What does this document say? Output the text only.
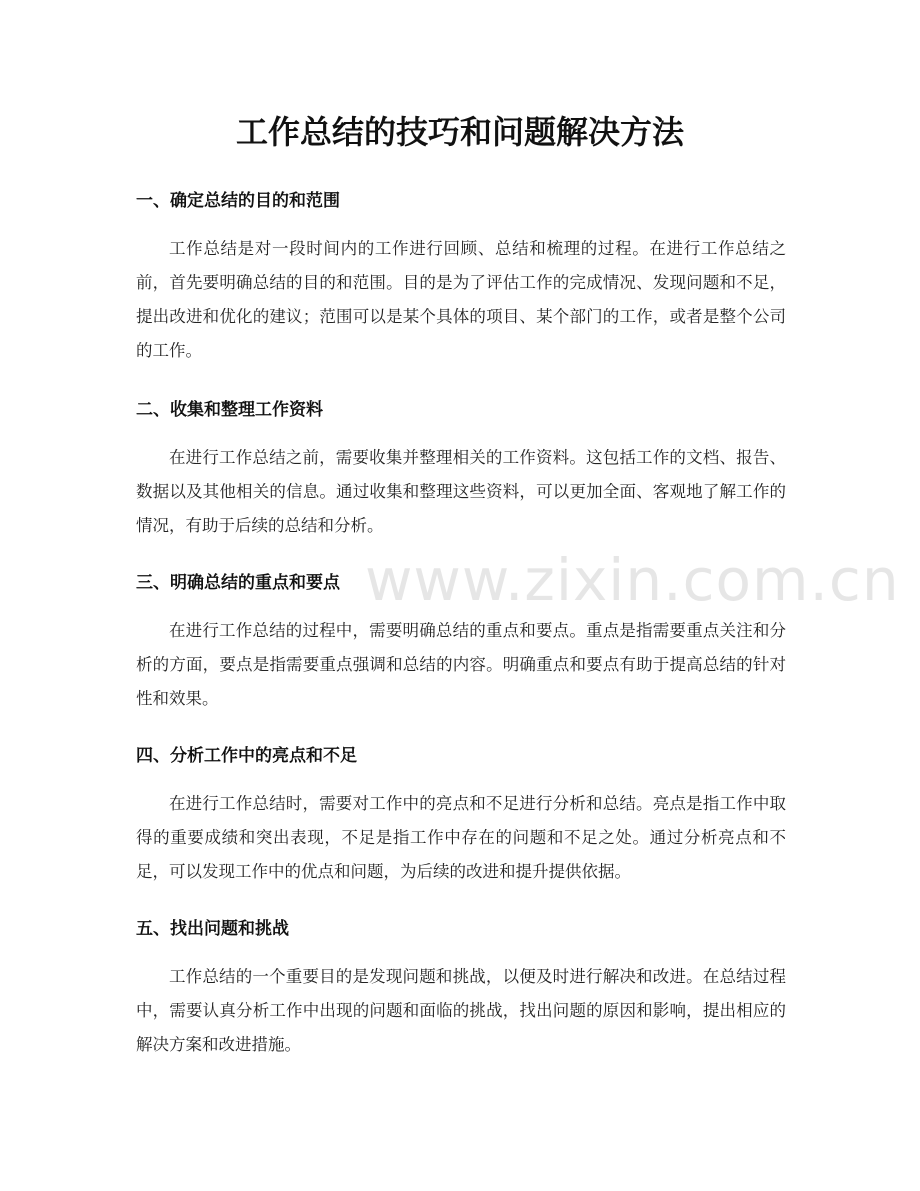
工作总结的技巧和问题解决方法
一、确定总结的目的和范围

工作总结是对一段时间内的工作进行回顾、总结和梳理的过程。在进行工作总结之前，首先要明确总结的目的和范围。目的是为了评估工作的完成情况、发现问题和不足，提出改进和优化的建议；范围可以是某个具体的项目、某个部门的工作，或者是整个公司的工作。

二、收集和整理工作资料

在进行工作总结之前，需要收集并整理相关的工作资料。这包括工作的文档、报告、数据以及其他相关的信息。通过收集和整理这些资料，可以更加全面、客观地了解工作的情况，有助于后续的总结和分析。

三、明确总结的重点和要点

在进行工作总结的过程中，需要明确总结的重点和要点。重点是指需要重点关注和分析的方面，要点是指需要重点强调和总结的内容。明确重点和要点有助于提高总结的针对性和效果。

四、分析工作中的亮点和不足

在进行工作总结时，需要对工作中的亮点和不足进行分析和总结。亮点是指工作中取得的重要成绩和突出表现，不足是指工作中存在的问题和不足之处。通过分析亮点和不足，可以发现工作中的优点和问题，为后续的改进和提升提供依据。

五、找出问题和挑战

工作总结的一个重要目的是发现问题和挑战，以便及时进行解决和改进。在总结过程中，需要认真分析工作中出现的问题和面临的挑战，找出问题的原因和影响，提出相应的解决方案和改进措施。

www.zixin.com.cn
